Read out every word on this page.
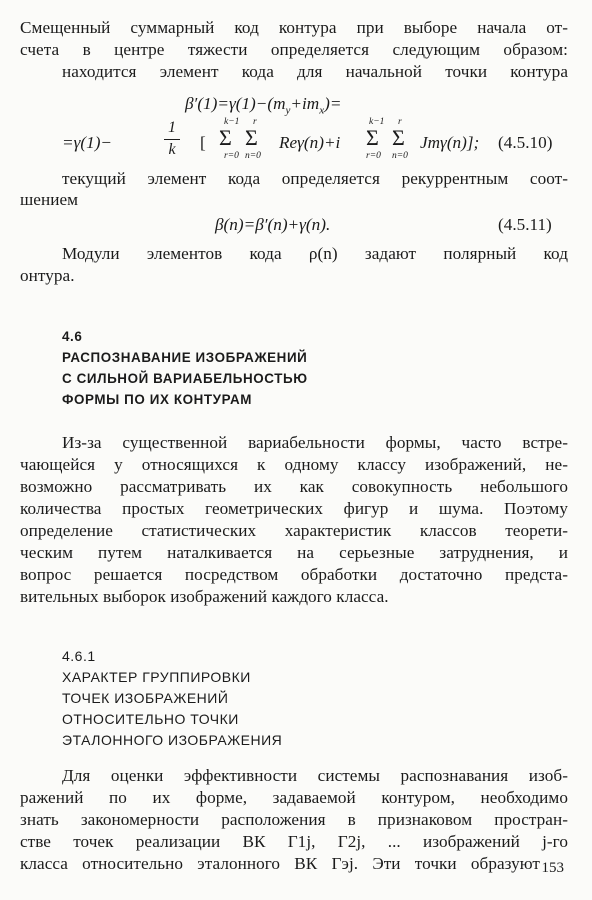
Смещенный суммарный код контура при выборе начала от-
счета в центре тяжести определяется следующим образом:
находится элемент кода для начальной точки контура
$\beta'(1)=\gamma(1)-(m_y+im_x)=$
=γ(1)−
1
k [
k−1
Σ
r=0
r
Σ
n=0
Reγ(n)+i
k−1
Σ
r=0
r
Σ
n=0
Jmγ(n)]; (4.5.10)
текущий элемент кода определяется рекуррентным соот-
шением
β(n)=β′(n)+γ(n).	(4.5.11)
Модули элементов кода ρ(n) задают полярный код
онтура.
4.6
РАСПОЗНАВАНИЕ ИЗОБРАЖЕНИЙ
С СИЛЬНОЙ ВАРИАБЕЛЬНОСТЬЮ
ФОРМЫ ПО ИХ КОНТУРАМ
Из-за существенной вариабельности формы, часто встре-
чающейся у относящихся к одному классу изображений, не-
возможно рассматривать их как совокупность небольшого
количества простых геометрических фигур и шума. Поэтому
определение статистических характеристик классов теорети-
ческим путем наталкивается на серьезные затруднения, и
вопрос решается посредством обработки достаточно предста-
вительных выборок изображений каждого класса.
4.6.1
ХАРАКТЕР ГРУППИРОВКИ
ТОЧЕК ИЗОБРАЖЕНИЙ
ОТНОСИТЕЛЬНО ТОЧКИ
ЭТАЛОННОГО ИЗОБРАЖЕНИЯ
Для оценки эффективности системы распознавания изоб-
ражений по их форме, задаваемой контуром, необходимо
знать закономерности расположения в признаковом простран-
стве точек реализации ВК Γ1j, Γ2j, ... изображений j-го
класса относительно эталонного ВК Γэj. Эти точки образуют 153
